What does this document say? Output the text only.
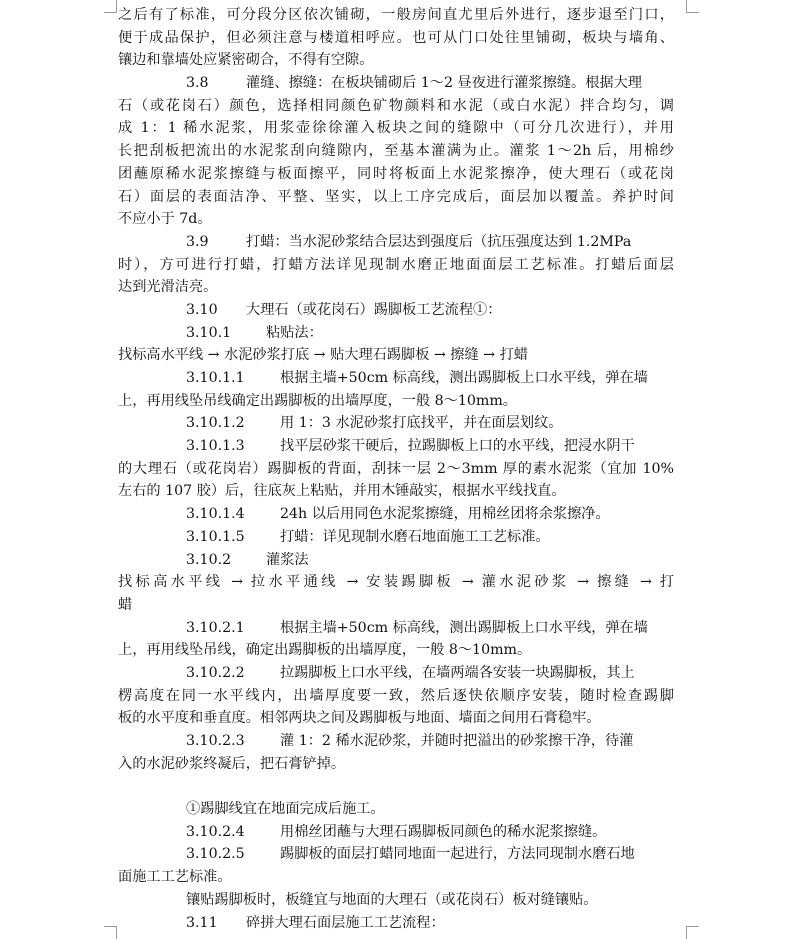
之后有了标准，可分段分区依次铺砌，一般房间直尤里后外进行，逐步退至门口，
便于成品保护，但必须注意与楼道相呼应。也可从门口处往里铺砌，板块与墙角、
镶边和靠墙处应紧密砌合，不得有空隙。
3.8	灌缝、擦缝：在板块铺砌后 1～2 昼夜进行灌浆擦缝。根据大理
石（或花岗石）颜色，选择相同颜色矿物颜料和水泥（或白水泥）拌合均匀，调
成 1：1 稀水泥浆，用浆壶徐徐灌入板块之间的缝隙中（可分几次进行），并用
长把刮板把流出的水泥浆刮向缝隙内，至基本灌满为止。灌浆 1～2h 后，用棉纱
团蘸原稀水泥浆擦缝与板面擦平，同时将板面上水泥浆擦净，使大理石（或花岗
石）面层的表面洁净、平整、坚实，以上工序完成后，面层加以覆盖。养护时间
不应小于 7d。
3.9	打蜡：当水泥砂浆结合层达到强度后（抗压强度达到 1.2MPa
时），方可进行打蜡，打蜡方法详见现制水磨正地面面层工艺标准。打蜡后面层
达到光滑洁亮。
3.10 大理石（或花岗石）踢脚板工艺流程①：
3.10.1 粘贴法：
找标高水平线 → 水泥砂浆打底 → 贴大理石踢脚板 → 擦缝 → 打蜡
3.10.1.1 根据主墙+50cm 标高线，测出踢脚板上口水平线，弹在墙
上，再用线坠吊线确定出踢脚板的出墙厚度，一般 8～10mm。
3.10.1.2 用 1：3 水泥砂浆打底找平，并在面层划纹。
3.10.1.3 找平层砂浆干硬后，拉踢脚板上口的水平线，把浸水阴干
的大理石（或花岗岩）踢脚板的背面，刮抹一层 2～3mm 厚的素水泥浆（宜加 10%
左右的 107 胶）后，往底灰上粘贴，并用木锤敲实，根据水平线找直。
3.10.1.4 24h 以后用同色水泥浆擦缝，用棉丝团将余浆擦净。
3.10.1.5 打蜡：详见现制水磨石地面施工工艺标准。
3.10.2 灌浆法
找标高水平线 → 拉水平通线 → 安装踢脚板 → 灌水泥砂浆 → 擦缝 → 打
蜡
3.10.2.1 根据主墙+50cm 标高线，测出踢脚板上口水平线，弹在墙
上，再用线坠吊线，确定出踢脚板的出墙厚度，一般 8～10mm。
3.10.2.2 拉踢脚板上口水平线，在墙两端各安装一块踢脚板，其上
楞高度在同一水平线内，出墙厚度要一致，然后逐快依顺序安装，随时检查踢脚
板的水平度和垂直度。相邻两块之间及踢脚板与地面、墙面之间用石膏稳牢。
3.10.2.3 灌 1：2 稀水泥砂浆，并随时把溢出的砂浆擦干净，待灌
入的水泥砂浆终凝后，把石膏铲掉。
①踢脚线宜在地面完成后施工。
3.10.2.4 用棉丝团蘸与大理石踢脚板同颜色的稀水泥浆擦缝。
3.10.2.5 踢脚板的面层打蜡同地面一起进行，方法同现制水磨石地
面施工工艺标准。
镶贴踢脚板时，板缝宜与地面的大理石（或花岗石）板对缝镶贴。
3.11 碎拼大理石面层施工工艺流程：
